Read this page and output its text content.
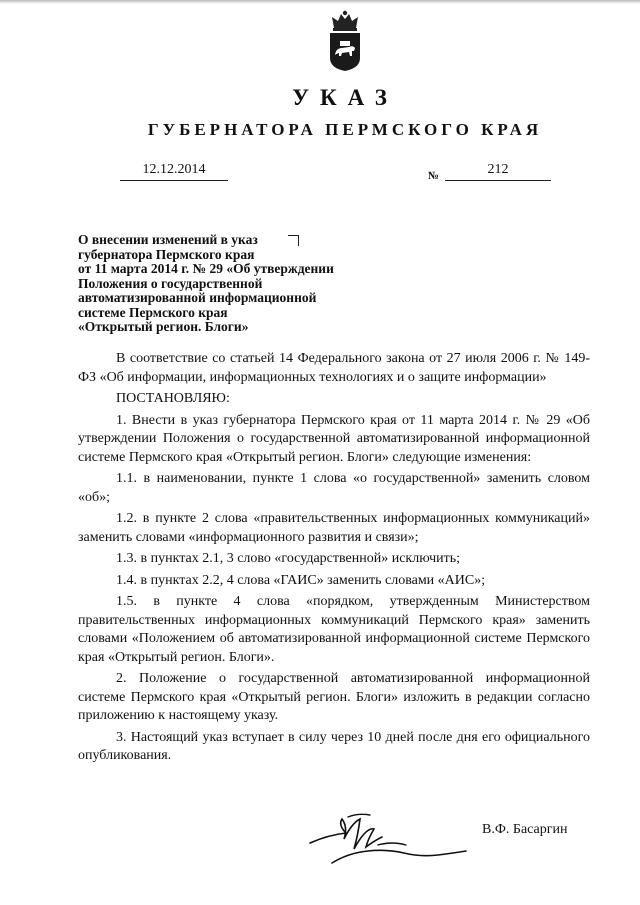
УКАЗ
ГУБЕРНАТОРА ПЕРМСКОГО КРАЯ
12.12.2014	№	212
О внесении изменений в указ
губернатора Пермского края
от 11 марта 2014 г. № 29 «Об утверждении
Положения о государственной
автоматизированной информационной
системе Пермского края
«Открытый регион. Блоги»

В соответствие со статьей 14 Федерального закона от 27 июля 2006 г. № 149-ФЗ «Об информации, информационных технологиях и о защите информации»

ПОСТАНОВЛЯЮ:

1. Внести в указ губернатора Пермского края от 11 марта 2014 г. № 29 «Об утверждении Положения о государственной автоматизированной информационной системе Пермского края «Открытый регион. Блоги» следующие изменения:

1.1. в наименовании, пункте 1 слова «о государственной» заменить словом «об»;

1.2. в пункте 2 слова «правительственных информационных коммуникаций» заменить словами «информационного развития и связи»;

1.3. в пунктах 2.1, 3 слово «государственной» исключить;

1.4. в пунктах 2.2, 4 слова «ГАИС» заменить словами «АИС»;

1.5. в пункте 4 слова «порядком, утвержденным Министерством правительственных информационных коммуникаций Пермского края» заменить словами «Положением об автоматизированной информационной системе Пермского края «Открытый регион. Блоги».

2. Положение о государственной автоматизированной информационной системе Пермского края «Открытый регион. Блоги» изложить в редакции согласно приложению к настоящему указу.

3. Настоящий указ вступает в силу через 10 дней после дня его официального опубликования.

В.Ф. Басаргин
